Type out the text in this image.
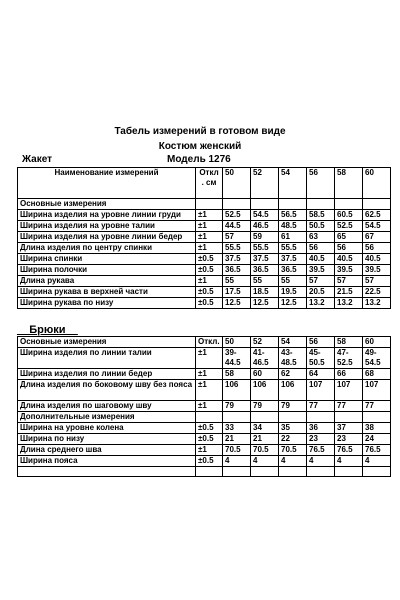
Табель измерений в готовом виде
Костюм женский
Жакет	Модель 1276
Наименование измерений	Откл . см	50	52	54	56	58	60
Основные измерения							
Ширина изделия на уровне линии груди	±1	52.5	54.5	56.5	58.5	60.5	62.5
Ширина изделия на уровне талии	±1	44.5	46.5	48.5	50.5	52.5	54.5
Ширина изделия на уровне линии бедер	±1	57	59	61	63	65	67
Длина изделия по центру спинки	±1	55.5	55.5	55.5	56	56	56
Ширина спинки	±0.5	37.5	37.5	37.5	40.5	40.5	40.5
Ширина полочки	±0.5	36.5	36.5	36.5	39.5	39.5	39.5
Длина рукава	±1	55	55	55	57	57	57
Ширина рукава в верхней части	±0.5	17.5	18.5	19.5	20.5	21.5	22.5
Ширина рукава по низу	±0.5	12.5	12.5	12.5	13.2	13.2	13.2
__Брюки__
Основные измерения	Откл.	50	52	54	56	58	60
Ширина изделия по линии талии	±1	39-​44.5	41-​46.5	43-​48.5	45-​50.5	47-​52.5	49-​54.5
Ширина изделия по линии бедер	±1	58	60	62	64	66	68
Длина изделия по боковому шву без пояса	±1	106	106	106	107	107	107
Длина изделия по шаговому шву	±1	79	79	79	77	77	77
Дополнительные измерения							
Ширина на уровне колена	±0.5	33	34	35	36	37	38
Ширина по низу	±0.5	21	21	22	23	23	24
Длина среднего шва	±1	70.5	70.5	70.5	76.5	76.5	76.5
Ширина пояса	±0.5	4	4	4	4	4	4
